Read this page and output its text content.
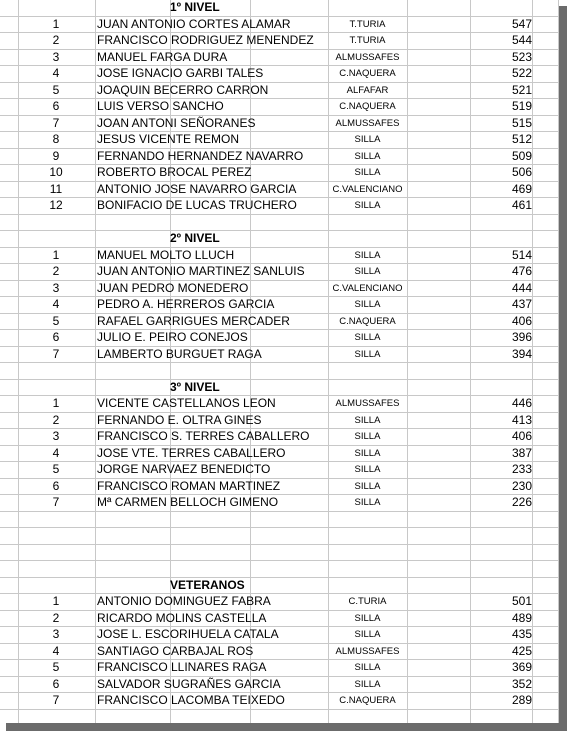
1º NIVEL
1	JUAN ANTONIO CORTES ALAMAR	T.TURIA	547
2	FRANCISCO RODRIGUEZ MENENDEZ	T.TURIA	544
3	MANUEL FARGA DURA	ALMUSSAFES	523
4	JOSE IGNACIO GARBI TALES	C.NAQUERA	522
5	JOAQUIN BECERRO CARRON	ALFAFAR	521
6	LUIS VERSO SANCHO	C.NAQUERA	519
7	JOAN ANTONI SEÑORANES	ALMUSSAFES	515
8	JESUS VICENTE REMON	SILLA	512
9	FERNANDO HERNANDEZ NAVARRO	SILLA	509
10	ROBERTO BROCAL PEREZ	SILLA	506
11	ANTONIO JOSE NAVARRO GARCIA	C.VALENCIANO	469
12	BONIFACIO DE LUCAS TRUCHERO	SILLA	461
2º NIVEL
1	MANUEL MOLTO LLUCH	SILLA	514
2	JUAN ANTONIO MARTINEZ SANLUIS	SILLA	476
3	JUAN PEDRO MONEDERO	C.VALENCIANO	444
4	PEDRO A. HERREROS GARCIA	SILLA	437
5	RAFAEL GARRIGUES MERCADER	C.NAQUERA	406
6	JULIO E. PEIRO CONEJOS	SILLA	396
7	LAMBERTO BURGUET RAGA	SILLA	394
3º NIVEL
1	VICENTE CASTELLANOS LEON	ALMUSSAFES	446
2	FERNANDO E. OLTRA GINES	SILLA	413
3	FRANCISCO S. TERRES CABALLERO	SILLA	406
4	JOSE VTE. TERRES CABALLERO	SILLA	387
5	JORGE NARVAEZ BENEDICTO	SILLA	233
6	FRANCISCO ROMAN MARTINEZ	SILLA	230
7	Mª CARMEN BELLOCH GIMENO	SILLA	226
VETERANOS
1	ANTONIO DOMINGUEZ FABRA	C.TURIA	501
2	RICARDO MOLINS CASTELLA	SILLA	489
3	JOSE L. ESCORIHUELA CATALA	SILLA	435
4	SANTIAGO CARBAJAL ROS	ALMUSSAFES	425
5	FRANCISCO LLINARES RAGA	SILLA	369
6	SALVADOR SUGRAÑES GARCIA	SILLA	352
7	FRANCISCO LACOMBA TEIXEDO	C.NAQUERA	289
